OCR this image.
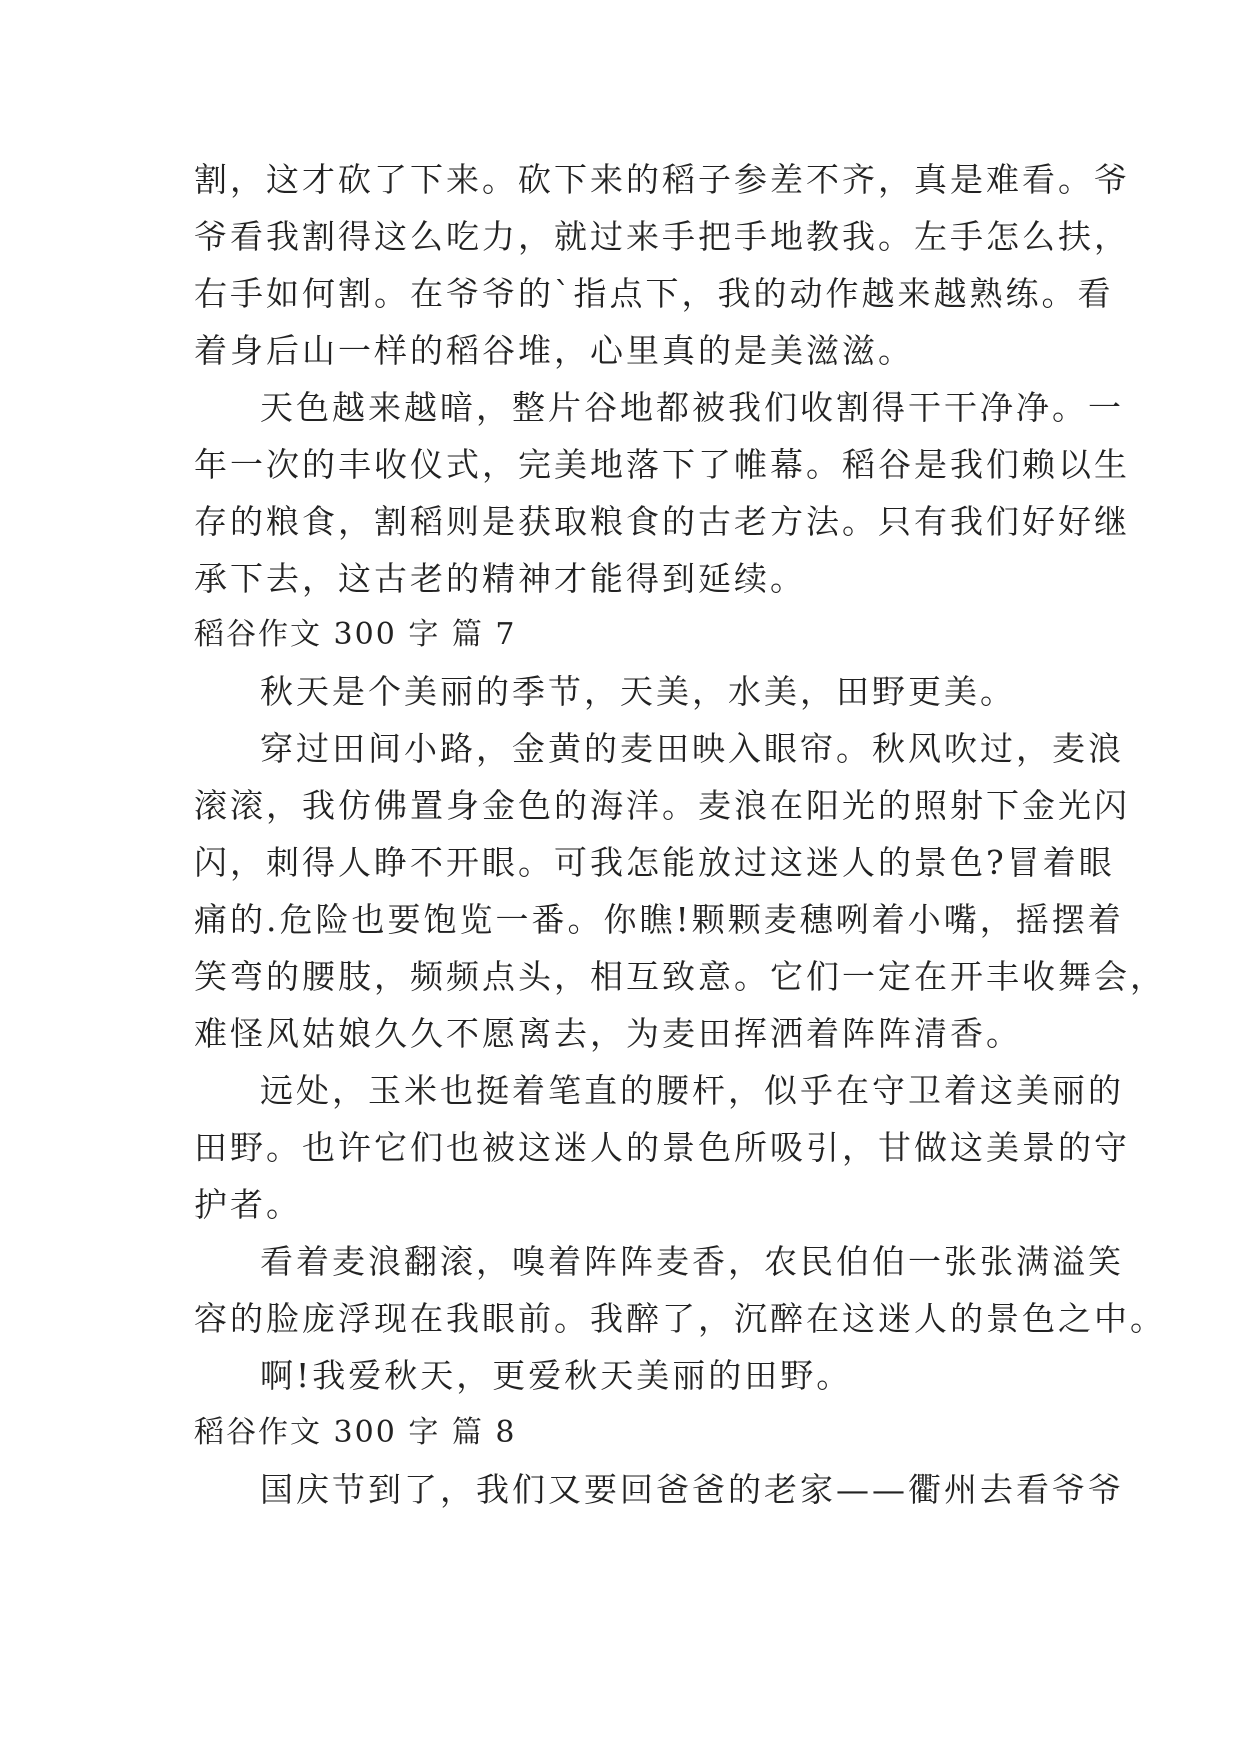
割，这才砍了下来。砍下来的稻子参差不齐，真是难看。爷
爷看我割得这么吃力，就过来手把手地教我。左手怎么扶，
右手如何割。在爷爷的`指点下，我的动作越来越熟练。看
着身后山一样的稻谷堆，心里真的是美滋滋。
天色越来越暗，整片谷地都被我们收割得干干净净。一
年一次的丰收仪式，完美地落下了帷幕。稻谷是我们赖以生
存的粮食，割稻则是获取粮食的古老方法。只有我们好好继
承下去，这古老的精神才能得到延续。
稻谷作文 300 字 篇 7
秋天是个美丽的季节，天美，水美，田野更美。
穿过田间小路，金黄的麦田映入眼帘。秋风吹过，麦浪
滚滚，我仿佛置身金色的海洋。麦浪在阳光的照射下金光闪
闪，刺得人睁不开眼。可我怎能放过这迷人的景色?冒着眼
痛的.危险也要饱览一番。你瞧!颗颗麦穗咧着小嘴，摇摆着
笑弯的腰肢，频频点头，相互致意。它们一定在开丰收舞会，
难怪风姑娘久久不愿离去，为麦田挥洒着阵阵清香。
远处，玉米也挺着笔直的腰杆，似乎在守卫着这美丽的
田野。也许它们也被这迷人的景色所吸引，甘做这美景的守
护者。
看着麦浪翻滚，嗅着阵阵麦香，农民伯伯一张张满溢笑
容的脸庞浮现在我眼前。我醉了，沉醉在这迷人的景色之中。
啊!我爱秋天，更爱秋天美丽的田野。
稻谷作文 300 字 篇 8
国庆节到了，我们又要回爸爸的老家——衢州去看爷爷
